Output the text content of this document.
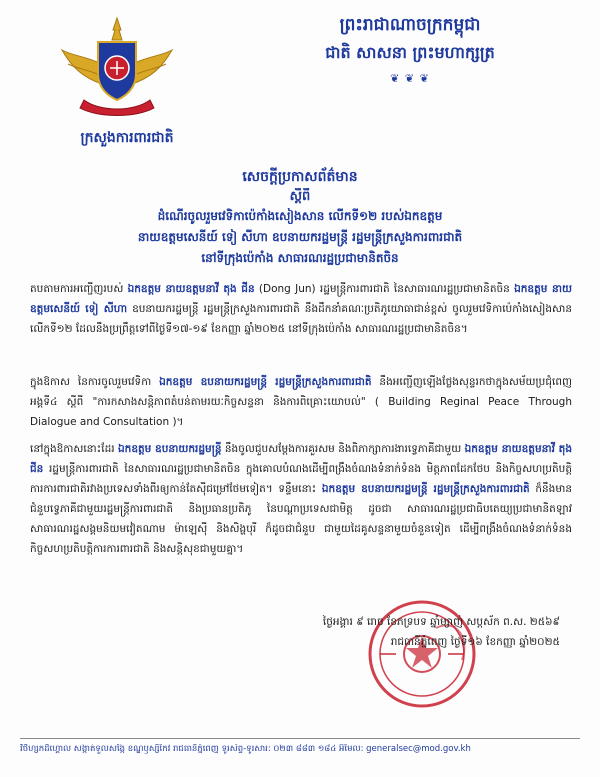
ក្រសួងការពារជាតិ
ព្រះរាជាណាចក្រកម្ពុជា
ជាតិ សាសនា ព្រះមហាក្សត្រ
❦ ❦ ❦
សេចក្តីប្រកាសព័ត៌មាន
ស្តីពី
ដំណើរចូលរួមវេទិកាប៉េកាំងសៀងសាន លើកទី១២ របស់ឯកឧត្តម
នាយឧត្តមសេនីយ៍ ទៀ សីហា ឧបនាយករដ្ឋមន្ត្រី រដ្ឋមន្ត្រីក្រសួងការពារជាតិ
នៅទីក្រុងប៉េកាំង សាធារណរដ្ឋប្រជាមានិតចិន
តបតាមការអញ្ជើញរបស់ ឯកឧត្តម នាយឧត្តមនាវី តុង ជីន (Dong Jun) រដ្ឋមន្ត្រីការពារជាតិ នៃសាធារណរដ្ឋប្រជាមានិតចិន ឯកឧត្តម នាយឧត្តមសេនីយ៍ ទៀ សីហា ឧបនាយករដ្ឋមន្ត្រី រដ្ឋមន្ត្រីក្រសួងការពារជាតិ នឹងដឹកនាំគណៈប្រតិភូយោធាជាន់ខ្ពស់ ចូលរួមវេទិកាប៉េកាំងសៀងសាន លើកទី១២ ដែលនឹងប្រព្រឹត្តទៅពីថ្ងៃទី១៧-១៩ ខែកញ្ញា ឆ្នាំ២០២៥ នៅទីក្រុងប៉េកាំង សាធារណរដ្ឋប្រជាមានិតចិន។
ក្នុងឱកាស នៃការចូលរួមវេទិកា ឯកឧត្តម ឧបនាយករដ្ឋមន្ត្រី រដ្ឋមន្ត្រីក្រសួងការពារជាតិ នឹងអញ្ជើញឡើងថ្លែងសុន្ទរកថាក្នុងសម័យប្រជុំពេញអង្គទី៤ ស្តីពី "ការកសាងសន្តិភាពតំបន់តាមរយៈកិច្ចសន្ទនា និងការពិគ្រោះយោបល់" ( Building Reginal Peace Through Dialogue and Consultation )។
នៅក្នុងឱកាសនោះដែរ ឯកឧត្តម ឧបនាយករដ្ឋមន្ត្រី នឹងចូលជួបសម្តែងការគួរសម និងពិភាក្សាការងារទ្វេភាគីជាមួយ ឯកឧត្តម នាយឧត្តមនាវី តុង ជីន រដ្ឋមន្ត្រីការពារជាតិ នៃសាធារណរដ្ឋប្រជាមានិតចិន ក្នុងគោលបំណងដើម្បីពង្រឹងចំណងទំនាក់ទំនង មិត្តភាពដែកថែប និងកិច្ចសហប្រតិបត្តិការការពារជាតិរវាងប្រទេសទាំងពីរឲ្យកាន់តែស៊ីជម្រៅថែមទៀត។ ទន្ទឹមនោះ ឯកឧត្តម ឧបនាយករដ្ឋមន្ត្រី រដ្ឋមន្ត្រីក្រសួងការពារជាតិ ក៏នឹងមានជំនួបទ្វេភាគីជាមួយរដ្ឋមន្ត្រីការពារជាតិ និងប្រធានប្រតិភូ នៃបណ្តាប្រទេសជាមិត្ត ដូចជា សាធារណរដ្ឋប្រជាធិបតេយ្យប្រជាមានិតឡាវ សាធារណរដ្ឋសង្គមនិយមវៀតណាម ម៉ាឡេស៊ី និងសិង្ហបុរី ក៏ដូចជាជំនួប ជាមួយដៃគូសន្ទនាមួយចំនួនទៀត ដើម្បីពង្រឹងចំណងទំនាក់ទំនងកិច្ចសហប្រតិបត្តិការការពារជាតិ និងសន្តិសុខជាមួយគ្នា។
ថ្ងៃអង្គារ ៩ រោច ខែភទ្របទ ឆ្នាំម្សាញ់ សប្តស័ក ព.ស. ២៥៦៩
រាជធានីភ្នំពេញ ថ្ងៃទី១៦ ខែកញ្ញា ឆ្នាំ២០២៥
វិថីហ្សកដឺហ្គោល សង្កាត់ទួលសង្កែ ខណ្ឌឫស្សីកែវ រាជធានីភ្នំពេញ ទូរស័ព្ទ-ទូរសារ: ០២៣ ៨៨៣ ១៨៤ អ៊ីមែល: generalsec@mod.gov.kh
